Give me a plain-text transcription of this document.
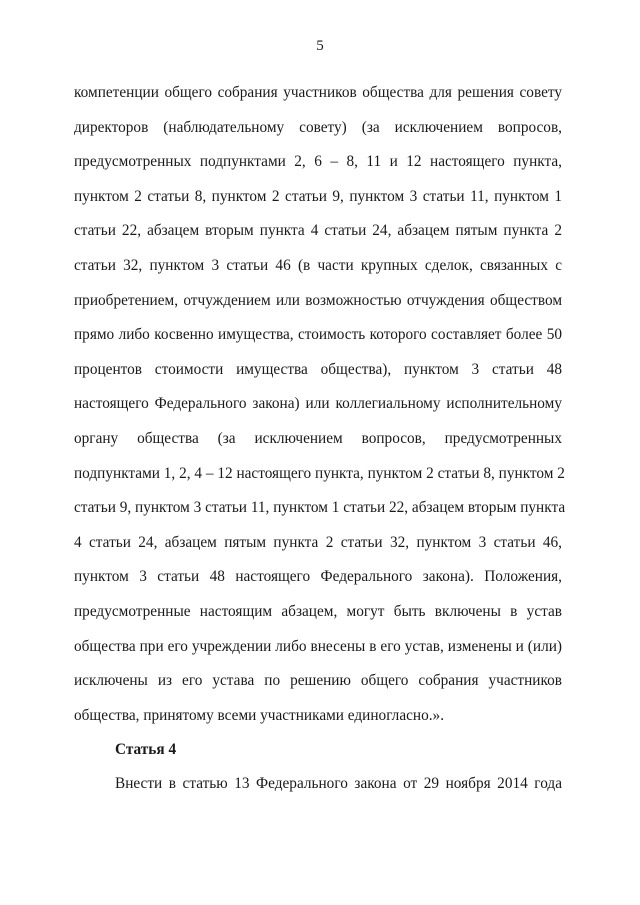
5
компетенции общего собрания участников общества для решения совету
директоров (наблюдательному совету) (за исключением вопросов,
предусмотренных подпунктами 2, 6 – 8, 11 и 12 настоящего пункта,
пунктом 2 статьи 8, пунктом 2 статьи 9, пунктом 3 статьи 11, пунктом 1
статьи 22, абзацем вторым пункта 4 статьи 24, абзацем пятым пункта 2
статьи 32, пунктом 3 статьи 46 (в части крупных сделок, связанных с
приобретением, отчуждением или возможностью отчуждения обществом
прямо либо косвенно имущества, стоимость которого составляет более 50
процентов стоимости имущества общества), пунктом 3 статьи 48
настоящего Федерального закона) или коллегиальному исполнительному
органу общества (за исключением вопросов, предусмотренных
подпунктами 1, 2, 4 – 12 настоящего пункта, пунктом 2 статьи 8, пунктом 2
статьи 9, пунктом 3 статьи 11, пунктом 1 статьи 22, абзацем вторым пункта
4 статьи 24, абзацем пятым пункта 2 статьи 32, пунктом 3 статьи 46,
пунктом 3 статьи 48 настоящего Федерального закона). Положения,
предусмотренные настоящим абзацем, могут быть включены в устав
общества при его учреждении либо внесены в его устав, изменены и (или)
исключены из его устава по решению общего собрания участников
общества, принятому всеми участниками единогласно.».
Статья 4
Внести в статью 13 Федерального закона от 29 ноября 2014 года
